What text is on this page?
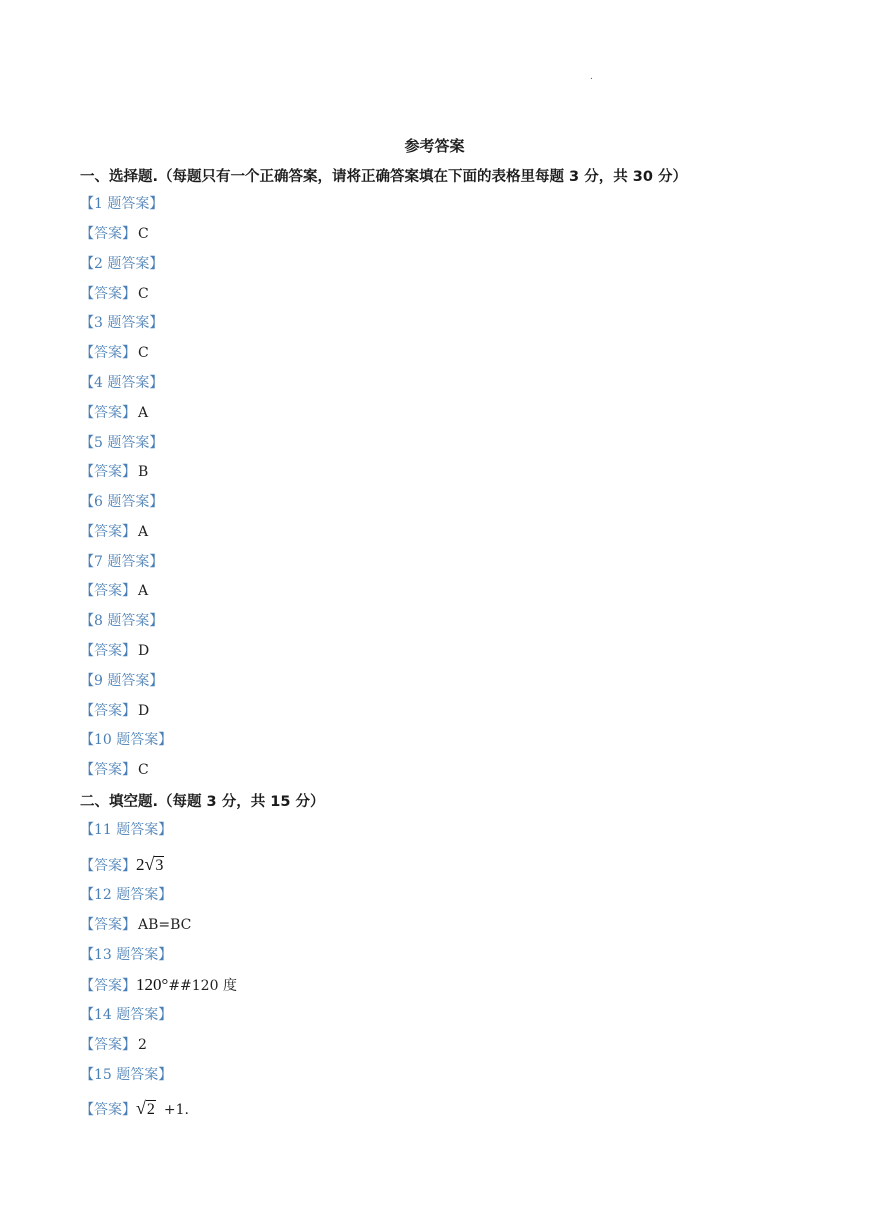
.
参考答案
一、选择题.（每题只有一个正确答案，请将正确答案填在下面的表格里每题 3 分，共 30 分）
【1 题答案】
【答案】 C
【2 题答案】
【答案】 C
【3 题答案】
【答案】 C
【4 题答案】
【答案】 A
【5 题答案】
【答案】 B
【6 题答案】
【答案】 A
【7 题答案】
【答案】 A
【8 题答案】
【答案】 D
【9 题答案】
【答案】 D
【10 题答案】
【答案】 C
二、填空题.（每题 3 分，共 15 分）
【11 题答案】
【答案】2√3
【12 题答案】
【答案】 AB=BC
【13 题答案】
【答案】120°##120 度
【14 题答案】
【答案】 2
【15 题答案】
【答案】√2 +1.
